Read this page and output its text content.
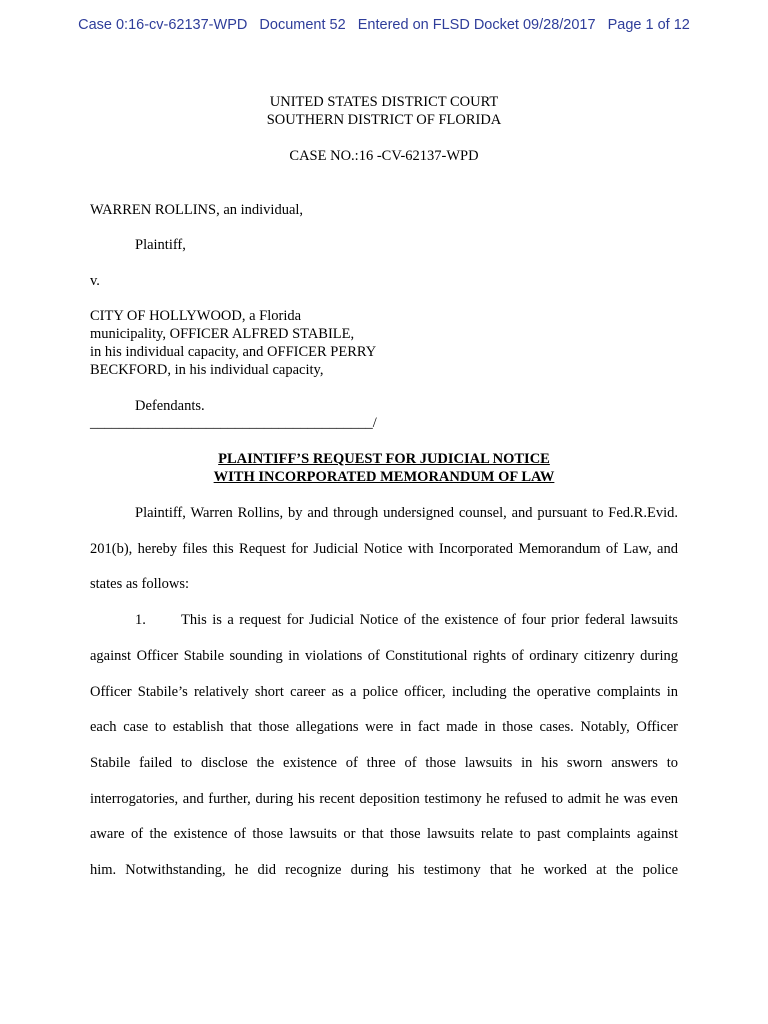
Case 0:16-cv-62137-WPD   Document 52   Entered on FLSD Docket 09/28/2017   Page 1 of 12
UNITED STATES DISTRICT COURT
SOUTHERN DISTRICT OF FLORIDA
CASE NO.:16 -CV-62137-WPD
WARREN ROLLINS, an individual,
Plaintiff,
v.
CITY OF HOLLYWOOD, a Florida
municipality, OFFICER ALFRED STABILE,
in his individual capacity, and OFFICER PERRY
BECKFORD, in his individual capacity,
Defendants.
_______________________________________/
PLAINTIFF’S REQUEST FOR JUDICIAL NOTICE
WITH INCORPORATED MEMORANDUM OF LAW
Plaintiff, Warren Rollins, by and through undersigned counsel, and pursuant to Fed.R.Evid.
201(b), hereby files this Request for Judicial Notice with Incorporated Memorandum of Law, and
states as follows:
1. This is a request for Judicial Notice of the existence of four prior federal lawsuits
against Officer Stabile sounding in violations of Constitutional rights of ordinary citizenry during
Officer Stabile’s relatively short career as a police officer, including the operative complaints in
each case to establish that those allegations were in fact made in those cases. Notably, Officer
Stabile failed to disclose the existence of three of those lawsuits in his sworn answers to
interrogatories, and further, during his recent deposition testimony he refused to admit he was even
aware of the existence of those lawsuits or that those lawsuits relate to past complaints against
him. Notwithstanding, he did recognize during his testimony that he worked at the police
